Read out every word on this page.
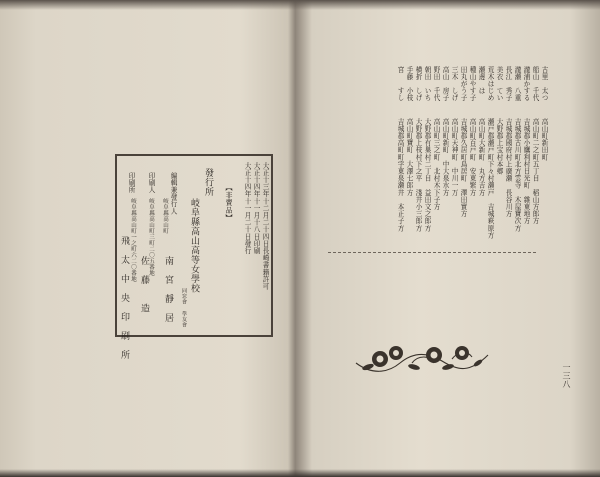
大正十三年十二月二十四日長崎書籍許可
大正十四年十一月十八日印刷
大正十四年十一月二十日發行
【非賣品】
發行所
岐阜縣高山高等女學校
同窓會 學友會
編輯兼發行人
岐阜縣高山町
南　宮　靜　居
印刷人
岐阜縣高山町三町二〇五番地
佐　藤　　造
印刷所
岐阜縣高山町一之町六二〇番地
飛　太　中　央　印　刷　所
古里　太つ
船山　千代
瀧浦かする
瀧瀬　八重
長江　秀子
美衣　てい
荒木はじめ
瀬邊　は
種山やす子
田丸がう子
三木　しげ
高山　房子
野田　千代
朝田　いち
横折　しげ
手藤　小枝
宮　　すし
高山町新田町
高山町二之町五丁目　稻山方郎方
吉城郡小鷹利村日光町　雜東地方
吉城郡古川町北方雲寺　木屋寶次方
吉城郡國府村上廣瀬　長谷川方
大野郡上宝村本郷
瀬戸郡瀬戸町下々村瀨戸　吉城萩原方
高山町大新町　丸方吉方
高山町百戸町　安東繁方
吉城郡久居町鳥居町　澤田實方
高山町天神町　中川一万
高山町新町　中大泉水方
高山町三之町　北村木下子方
大野郡有巣村二丁目　益田文之郎方
大野郡上枝村下之平　淺井小三郎方
高山町寶町　大澤七郎方
吉城郡高町町字東泉瀬井　本正子方
一三八
